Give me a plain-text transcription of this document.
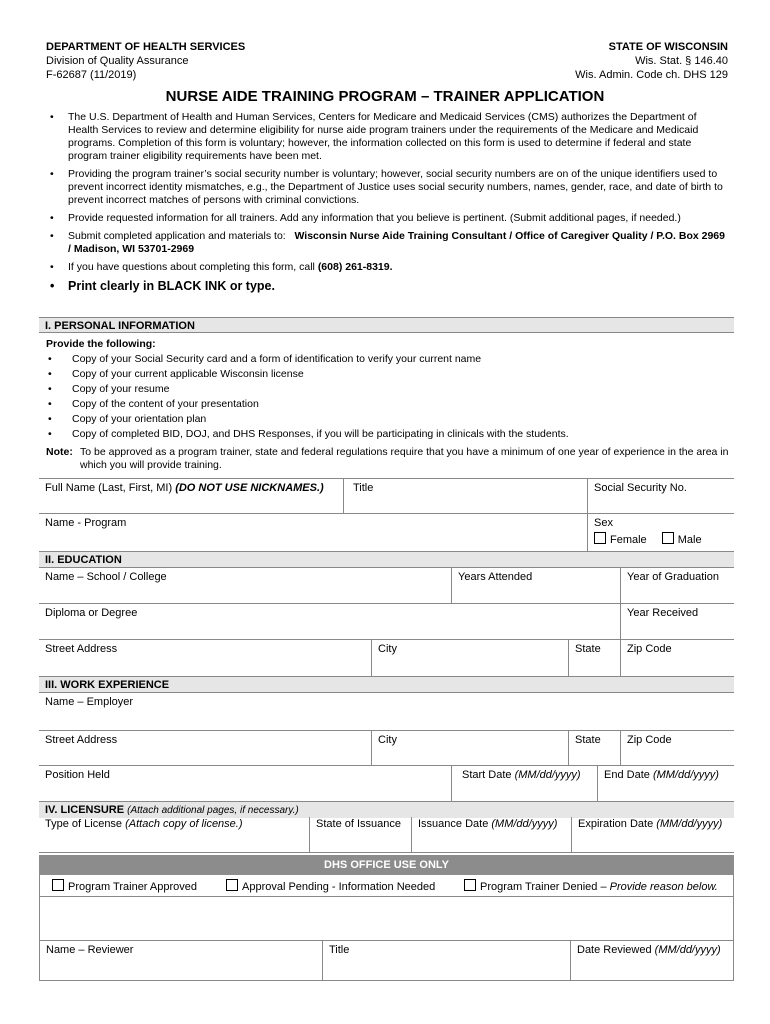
DEPARTMENT OF HEALTH SERVICES
Division of Quality Assurance
F-62687 (11/2019)
STATE OF WISCONSIN
Wis. Stat. § 146.40
Wis. Admin. Code ch. DHS 129
NURSE AIDE TRAINING PROGRAM – TRAINER APPLICATION
• The U.S. Department of Health and Human Services, Centers for Medicare and Medicaid Services (CMS) authorizes the Department of Health Services to review and determine eligibility for nurse aide program trainers under the requirements of the Medicare and Medicaid programs. Completion of this form is voluntary; however, the information collected on this form is used to determine if federal and state program trainer eligibility requirements have been met.
• Providing the program trainer’s social security number is voluntary; however, social security numbers are on of the unique identifiers used to prevent incorrect identity mismatches, e.g., the Department of Justice uses social security numbers, names, gender, race, and date of birth to prevent incorrect matches of persons with criminal convictions.
• Provide requested information for all trainers. Add any information that you believe is pertinent. (Submit additional pages, if needed.)
• Submit completed application and materials to: Wisconsin Nurse Aide Training Consultant / Office of Caregiver Quality / P.O. Box 2969 / Madison, WI 53701-2969
• If you have questions about completing this form, call (608) 261-8319.
• Print clearly in BLACK INK or type.
I. PERSONAL INFORMATION
Provide the following:
• Copy of your Social Security card and a form of identification to verify your current name
• Copy of your current applicable Wisconsin license
• Copy of your resume
• Copy of the content of your presentation
• Copy of your orientation plan
• Copy of completed BID, DOJ, and DHS Responses, if you will be participating in clinicals with the students.
Note: To be approved as a program trainer, state and federal regulations require that you have a minimum of one year of experience in the area in which you will provide training.
Full Name (Last, First, MI) (DO NOT USE NICKNAMES.)	Title	Social Security No.
Name - Program	Sex
Female	Male
II. EDUCATION
Name – School / College	Years Attended	Year of Graduation
Diploma or Degree	Year Received
Street Address	City	State	Zip Code
III. WORK EXPERIENCE
Name – Employer
Street Address	City	State	Zip Code
Position Held	Start Date (MM/dd/yyyy)	End Date (MM/dd/yyyy)
IV. LICENSURE (Attach additional pages, if necessary.)
Type of License (Attach copy of license.)	State of Issuance	Issuance Date (MM/dd/yyyy)	Expiration Date (MM/dd/yyyy)
DHS OFFICE USE ONLY
Program Trainer Approved	Approval Pending - Information Needed	Program Trainer Denied – Provide reason below.
Name – Reviewer	Title	Date Reviewed (MM/dd/yyyy)
